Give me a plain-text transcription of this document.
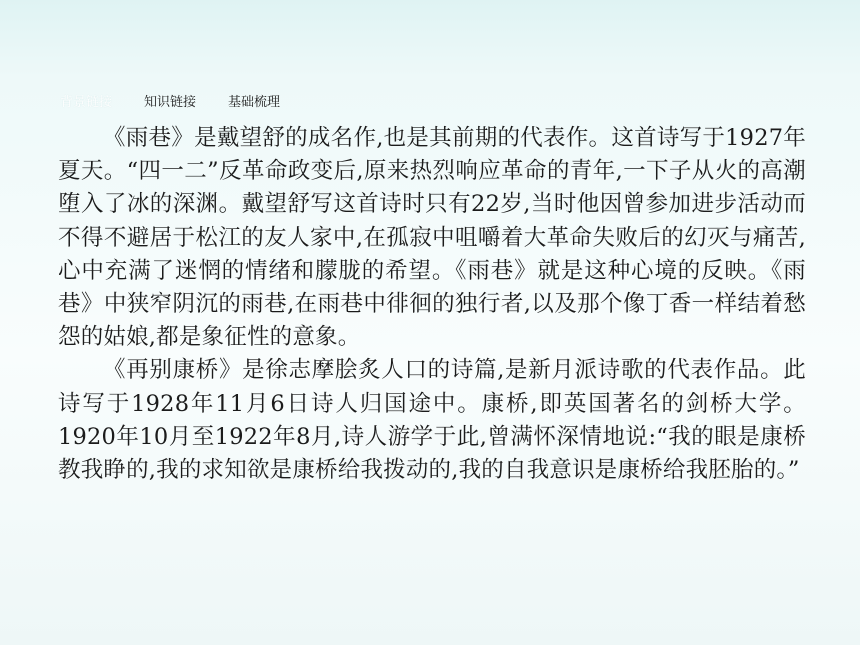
背景链接 知识链接 基础梳理

《雨巷》是戴望舒的成名作,也是其前期的代表作。这首诗写于1927年夏天。“四一二”反革命政变后,原来热烈响应革命的青年,一下子从火的高潮堕入了冰的深渊。戴望舒写这首诗时只有22岁,当时他因曾参加进步活动而不得不避居于松江的友人家中,在孤寂中咀嚼着大革命失败后的幻灭与痛苦,心中充满了迷惘的情绪和朦胧的希望。《雨巷》就是这种心境的反映。《雨巷》中狭窄阴沉的雨巷,在雨巷中徘徊的独行者,以及那个像丁香一样结着愁怨的姑娘,都是象征性的意象。

《再别康桥》是徐志摩脍炙人口的诗篇,是新月派诗歌的代表作品。此诗写于1928年11月6日诗人归国途中。康桥,即英国著名的剑桥大学。1920年10月至1922年8月,诗人游学于此,曾满怀深情地说:“我的眼是康桥教我睁的,我的求知欲是康桥给我拨动的,我的自我意识是康桥给我胚胎的。”
